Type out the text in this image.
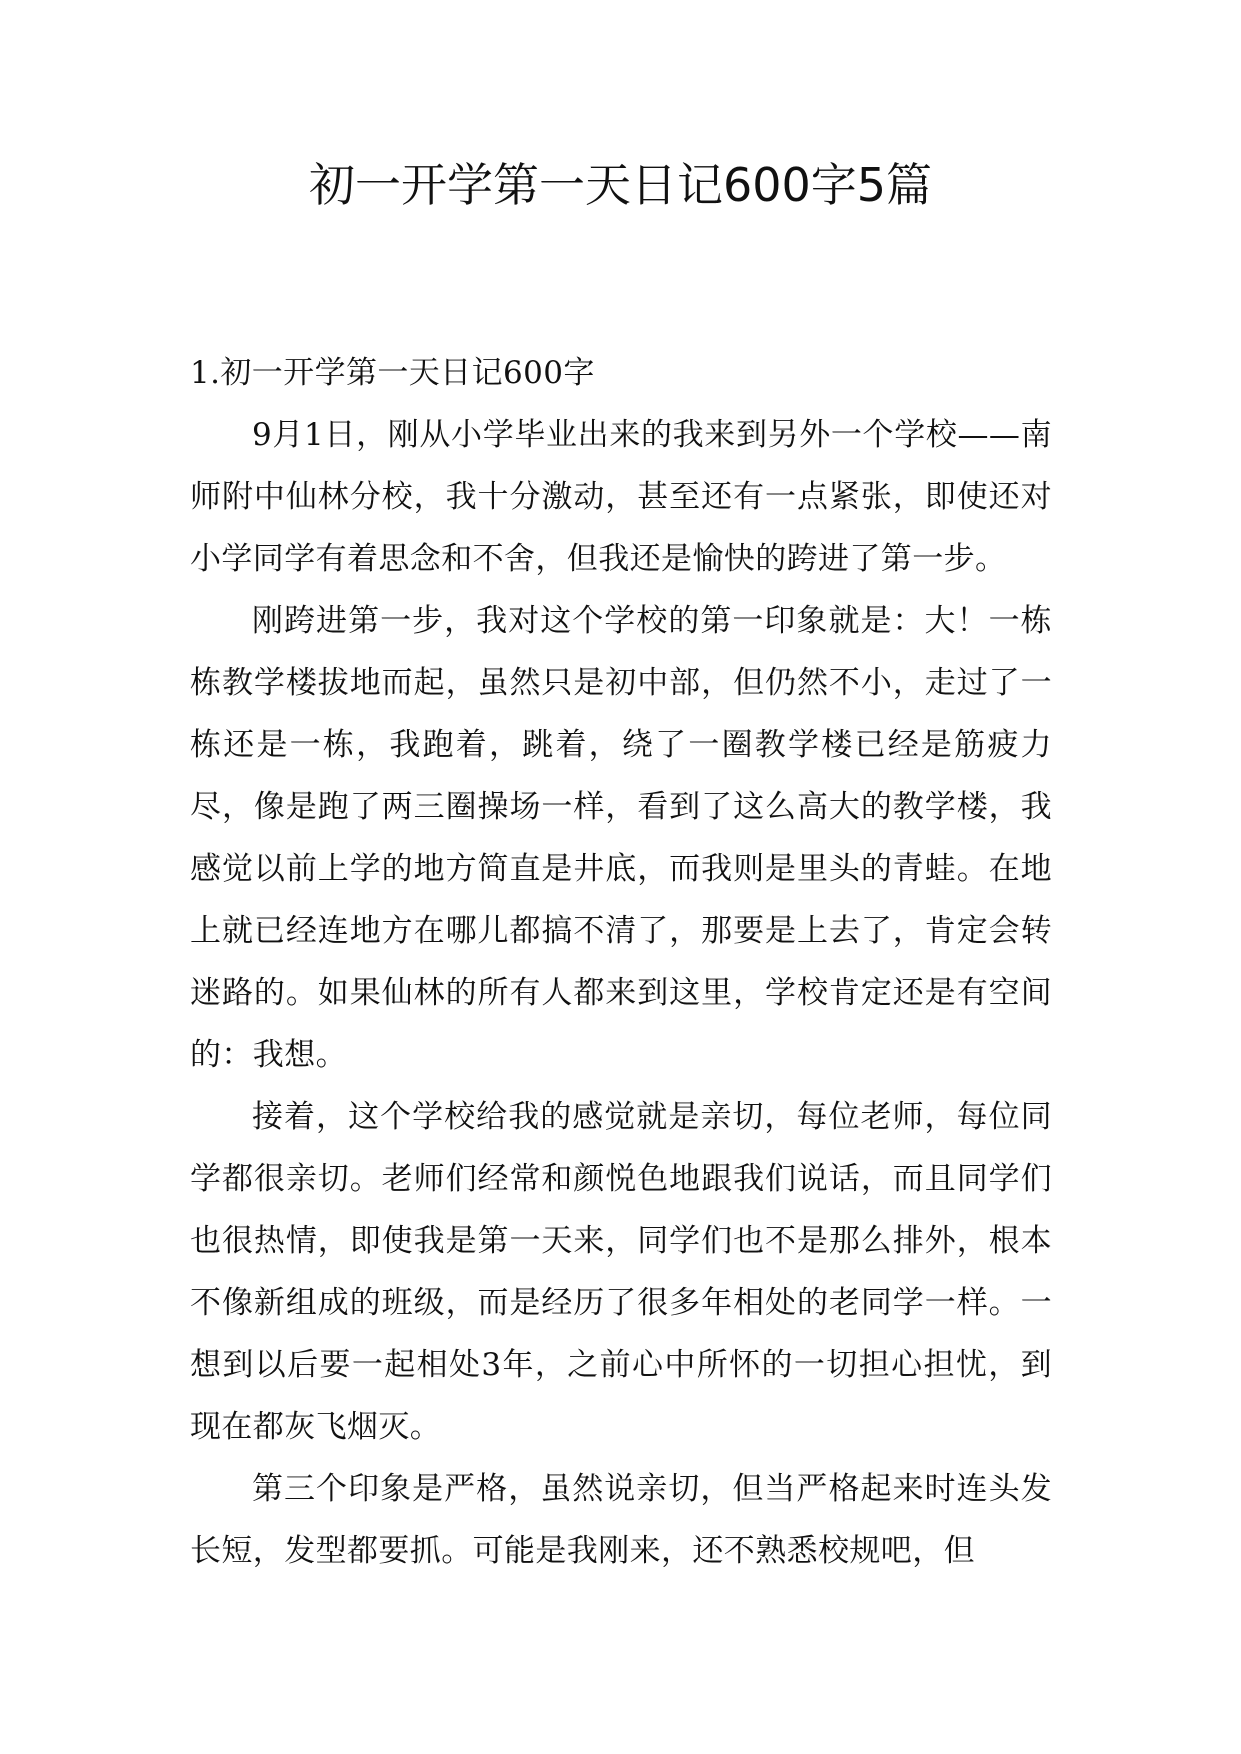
初一开学第一天日记600字5篇
1.初一开学第一天日记600字

9月1日，刚从小学毕业出来的我来到另外一个学校——南师附中仙林分校，我十分激动，甚至还有一点紧张，即使还对小学同学有着思念和不舍，但我还是愉快的跨进了第一步。

刚跨进第一步，我对这个学校的第一印象就是：大！一栋栋教学楼拔地而起，虽然只是初中部，但仍然不小，走过了一栋还是一栋，我跑着，跳着，绕了一圈教学楼已经是筋疲力尽，像是跑了两三圈操场一样，看到了这么高大的教学楼，我感觉以前上学的地方简直是井底，而我则是里头的青蛙。在地上就已经连地方在哪儿都搞不清了，那要是上去了，肯定会转迷路的。如果仙林的所有人都来到这里，学校肯定还是有空间的：我想。

接着，这个学校给我的感觉就是亲切，每位老师，每位同学都很亲切。老师们经常和颜悦色地跟我们说话，而且同学们也很热情，即使我是第一天来，同学们也不是那么排外，根本不像新组成的班级，而是经历了很多年相处的老同学一样。一想到以后要一起相处3年，之前心中所怀的一切担心担忧，到现在都灰飞烟灭。

第三个印象是严格，虽然说亲切，但当严格起来时连头发长短，发型都要抓。可能是我刚来，还不熟悉校规吧，但
